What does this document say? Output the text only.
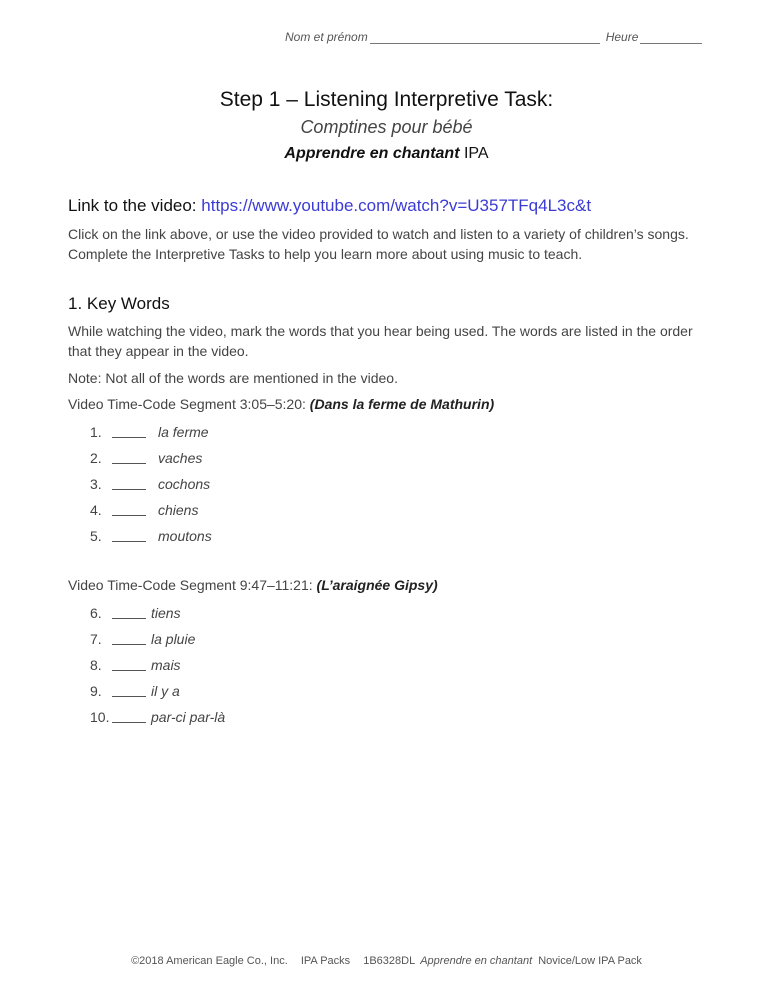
Nom et prénom	Heure
Step 1 – Listening Interpretive Task:
Comptines pour bébé
Apprendre en chantant IPA
Link to the video: https://www.youtube.com/watch?v=U357TFq4L3c&t
Click on the link above, or use the video provided to watch and listen to a variety of children’s songs. Complete the Interpretive Tasks to help you learn more about using music to teach.
1. Key Words
While watching the video, mark the words that you hear being used. The words are listed in the order that they appear in the video.
Note: Not all of the words are mentioned in the video.
Video Time-Code Segment 3:05–5:20: (Dans la ferme de Mathurin)
1.	la ferme
2.	vaches
3.	cochons
4.	chiens
5.	moutons
Video Time-Code Segment 9:47–11:21: (L’araignée Gipsy)
6.	tiens
7.	la pluie
8.	mais
9.	il y a
10.	par-ci par-là
©2018 American Eagle Co., Inc. IPA Packs 1B6328DL Apprendre en chantant Novice/Low IPA Pack
